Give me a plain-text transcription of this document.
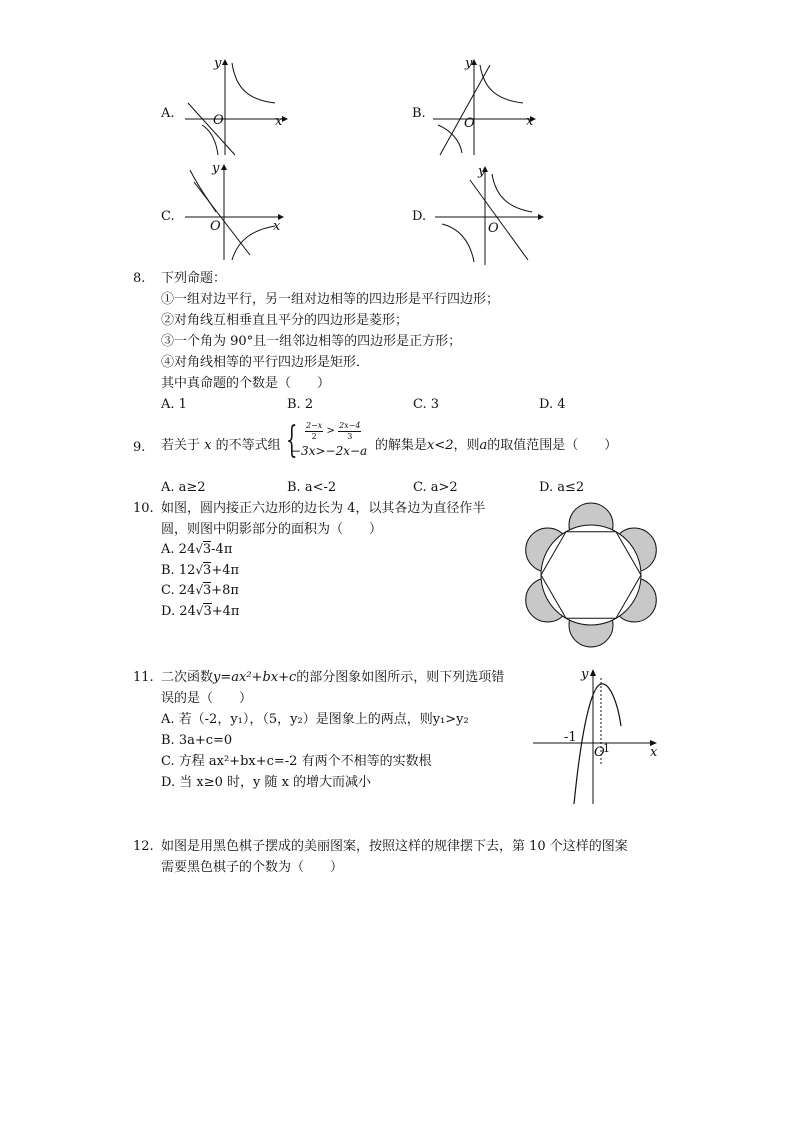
A.
y
x
O	B.
y
x
O
C.
y
x
O
D.
y
O
8. 下列命题：
①一组对边平行，另一组对边相等的四边形是平行四边形；
②对角线互相垂直且平分的四边形是菱形；
③一个角为 90°且一组邻边相等的四边形是正方形；
④对角线相等的平行四边形是矩形．
其中真命题的个数是（　　）
A. 1	B. 2	C. 3	D. 4
9. 若关于 x 的不等式组 { $\frac{2-x}{2} > \frac{2x-4}{3}$
−3x>−2x−a 的解集是x<2，则a的取值范围是（　　）
A. a≥2	B. a<-2	C. a>2	D. a≤2
10. 如图，圆内接正六边形的边长为 4，以其各边为直径作半
圆，则图中阴影部分的面积为（　　）
A. 24√3-4π
B. 12√3+4π
C. 24√3+8π
D. 24√3+4π
11. 二次函数y=ax²+bx+c的部分图象如图所示，则下列选项错
误的是（　　）
A. 若（-2，y₁），（5，y₂）是图象上的两点，则y₁>y₂
B. 3a+c=0
C. 方程 ax²+bx+c=-2 有两个不相等的实数根
D. 当 x≥0 时，y 随 x 的增大而减小
y
x
O
-1
1
12. 如图是用黑色棋子摆成的美丽图案，按照这样的规律摆下去，第 10 个这样的图案
需要黑色棋子的个数为（　　）
